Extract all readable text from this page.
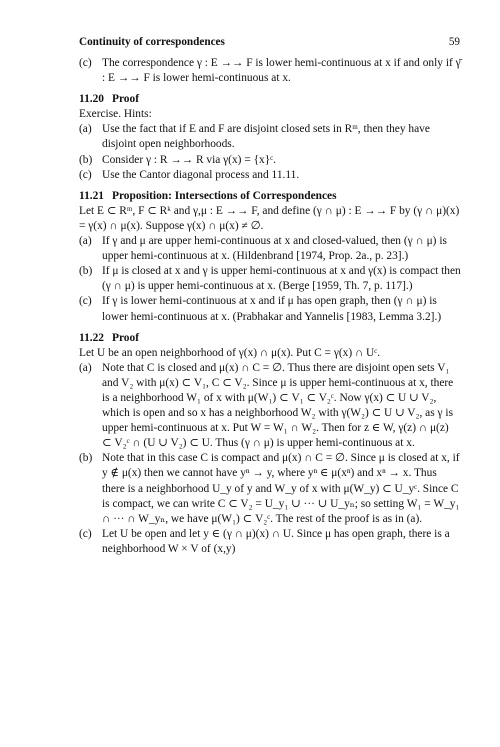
Continuity of correspondences	59
(c) The correspondence γ : E →→ F is lower hemi-continuous at x if and only if γ̄ : E →→ F is lower hemi-continuous at x.
11.20 Proof
Exercise. Hints:
(a) Use the fact that if E and F are disjoint closed sets in Rᵐ, then they have disjoint open neighborhoods.
(b) Consider γ : R →→ R via γ(x) = {x}ᶜ.
(c) Use the Cantor diagonal process and 11.11.
11.21 Proposition: Intersections of Correspondences
Let E ⊂ Rᵐ, F ⊂ Rᵏ and γ,μ : E →→ F, and define (γ ∩ μ) : E →→ F by (γ ∩ μ)(x) = γ(x) ∩ μ(x). Suppose γ(x) ∩ μ(x) ≠ ∅.
(a) If γ and μ are upper hemi-continuous at x and closed-valued, then (γ ∩ μ) is upper hemi-continuous at x. (Hildenbrand [1974, Prop. 2a., p. 23].)
(b) If μ is closed at x and γ is upper hemi-continuous at x and γ(x) is compact then (γ ∩ μ) is upper hemi-continuous at x. (Berge [1959, Th. 7, p. 117].)
(c) If γ is lower hemi-continuous at x and if μ has open graph, then (γ ∩ μ) is lower hemi-continuous at x. (Prabhakar and Yannelis [1983, Lemma 3.2].)
11.22 Proof
Let U be an open neighborhood of γ(x) ∩ μ(x). Put C = γ(x) ∩ Uᶜ.
(a) Note that C is closed and μ(x) ∩ C = ∅. Thus there are disjoint open sets V₁ and V₂ with μ(x) ⊂ V₁, C ⊂ V₂. Since μ is upper hemi-continuous at x, there is a neighborhood W₁ of x with μ(W₁) ⊂ V₁ ⊂ V₂ᶜ. Now γ(x) ⊂ U ∪ V₂, which is open and so x has a neighborhood W₂ with γ(W₂) ⊂ U ∪ V₂, as γ is upper hemi-continuous at x. Put W = W₁ ∩ W₂. Then for z ∈ W, γ(z) ∩ μ(z) ⊂ V₂ᶜ ∩ (U ∪ V₂) ⊂ U. Thus (γ ∩ μ) is upper hemi-continuous at x.
(b) Note that in this case C is compact and μ(x) ∩ C = ∅. Since μ is closed at x, if y ∉ μ(x) then we cannot have yⁿ → y, where yⁿ ∈ μ(xⁿ) and xⁿ → x. Thus there is a neighborhood U_y of y and W_y of x with μ(W_y) ⊂ U_yᶜ. Since C is compact, we can write C ⊂ V₂ = U_y₁ ∪ ··· ∪ U_yₙ; so setting W₁ = W_y₁ ∩ ··· ∩ W_yₙ, we have μ(W₁) ⊂ V₂ᶜ. The rest of the proof is as in (a).
(c) Let U be open and let y ∈ (γ ∩ μ)(x) ∩ U. Since μ has open graph, there is a neighborhood W × V of (x,y)
